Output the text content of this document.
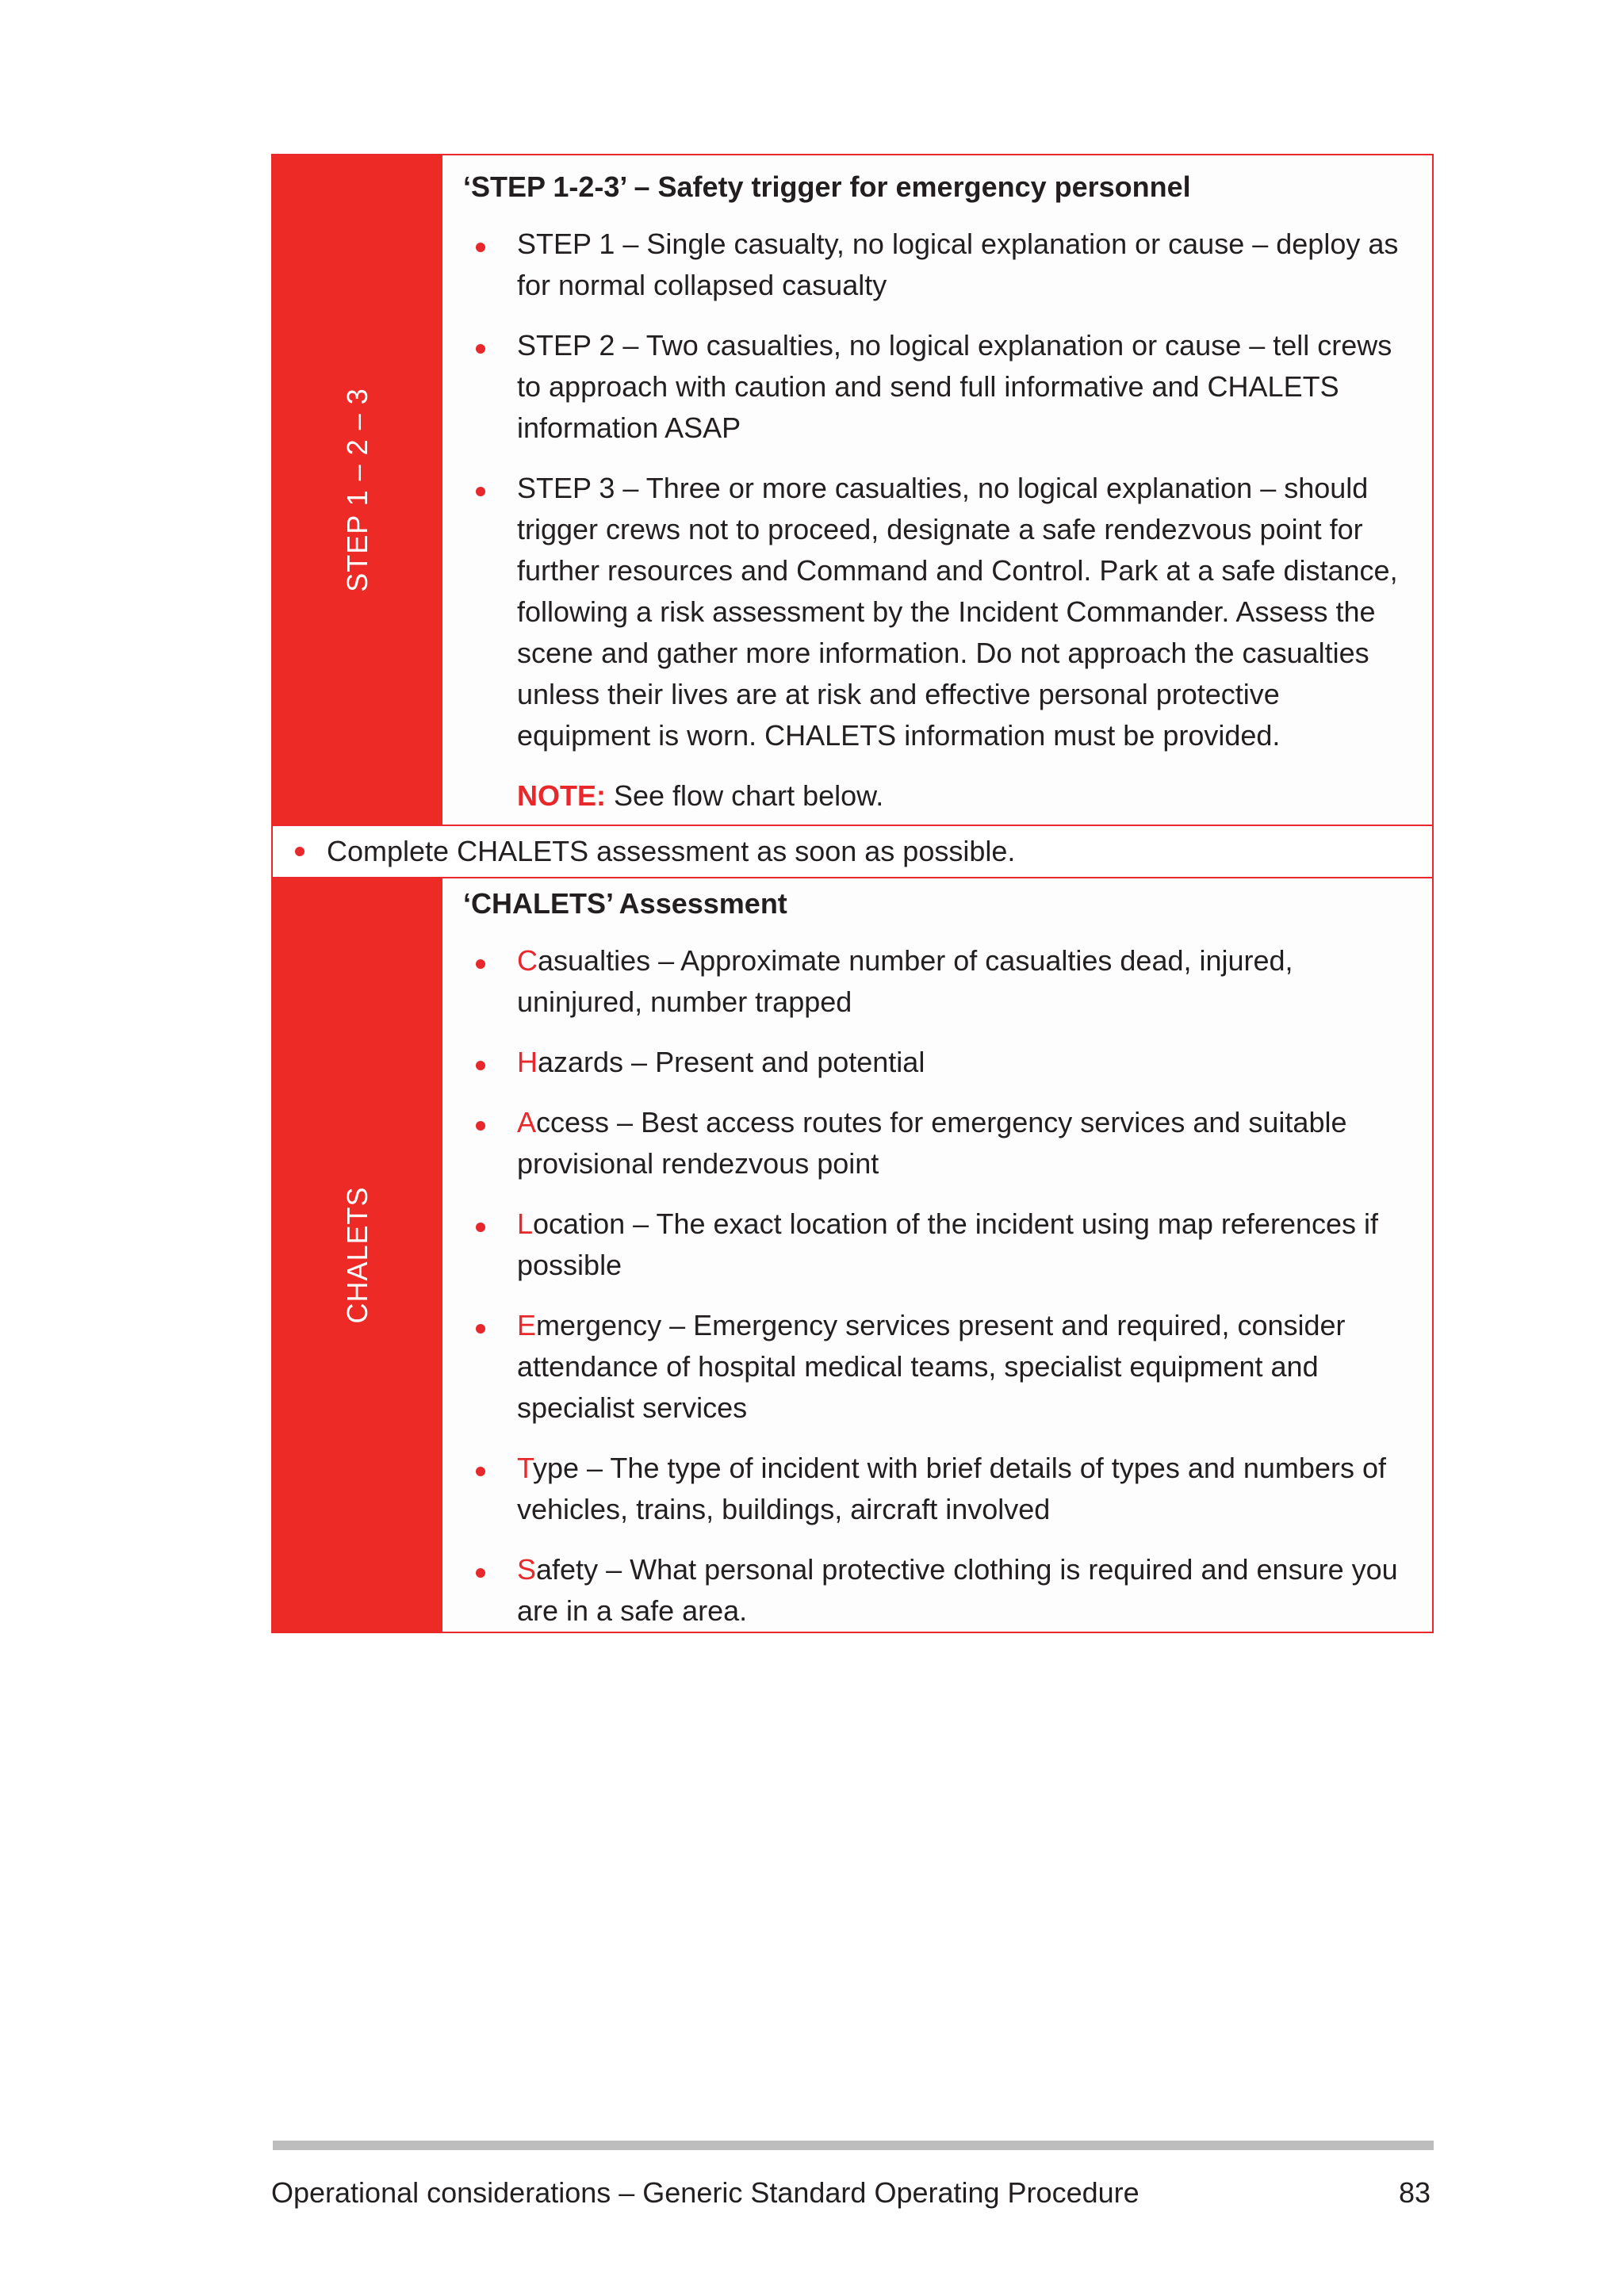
STEP 1 – 2 – 3

‘STEP 1-2-3’ – Safety trigger for emergency personnel

STEP 1 – Single casualty, no logical explanation or cause – deploy as for normal collapsed casualty
STEP 2 – Two casualties, no logical explanation or cause – tell crews to approach with caution and send full informative and CHALETS information ASAP
STEP 3 – Three or more casualties, no logical explanation – should trigger crews not to proceed, designate a safe rendezvous point for further resources and Command and Control. Park at a safe distance, following a risk assessment by the Incident Commander. Assess the scene and gather more information. Do not approach the casualties unless their lives are at risk and effective personal protective equipment is worn. CHALETS information must be provided.
NOTE: See flow chart below.
Complete CHALETS assessment as soon as possible.
CHALETS

‘CHALETS’ Assessment

Casualties – Approximate number of casualties dead, injured, uninjured, number trapped
Hazards – Present and potential
Access – Best access routes for emergency services and suitable provisional rendezvous point
Location – The exact location of the incident using map references if possible
Emergency – Emergency services present and required, consider attendance of hospital medical teams, specialist equipment and specialist services
Type – The type of incident with brief details of types and numbers of vehicles, trains, buildings, aircraft involved
Safety – What personal protective clothing is required and ensure you are in a safe area.
Operational considerations – Generic Standard Operating Procedure	83
